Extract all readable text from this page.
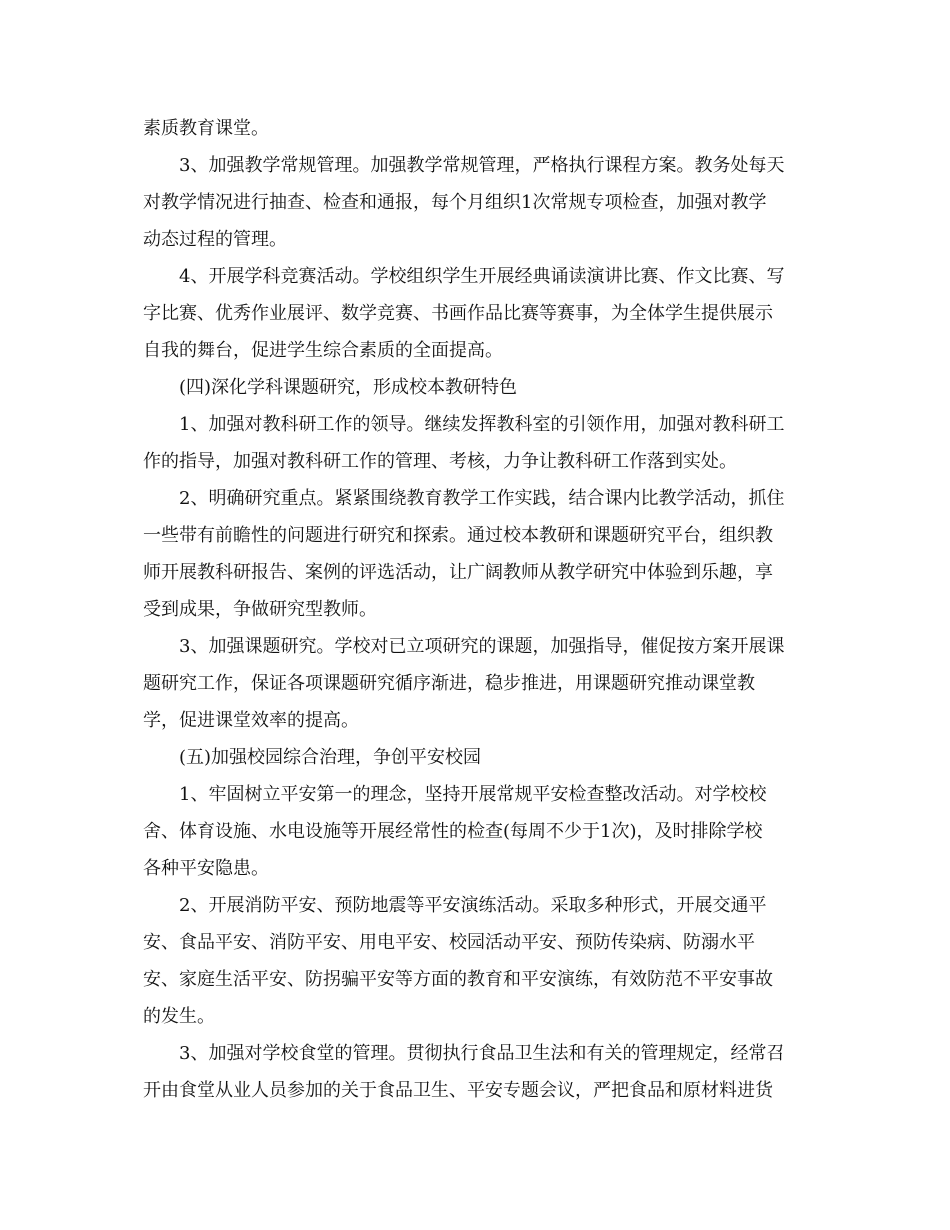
素质教育课堂。
3、加强教学常规管理。加强教学常规管理，严格执行课程方案。教务处每天
对教学情况进行抽查、检查和通报，每个月组织1次常规专项检查，加强对教学
动态过程的管理。
4、开展学科竞赛活动。学校组织学生开展经典诵读演讲比赛、作文比赛、写
字比赛、优秀作业展评、数学竞赛、书画作品比赛等赛事，为全体学生提供展示
自我的舞台，促进学生综合素质的全面提高。
(四)深化学科课题研究，形成校本教研特色
1、加强对教科研工作的领导。继续发挥教科室的引领作用，加强对教科研工
作的指导，加强对教科研工作的管理、考核，力争让教科研工作落到实处。
2、明确研究重点。紧紧围绕教育教学工作实践，结合课内比教学活动，抓住
一些带有前瞻性的问题进行研究和探索。通过校本教研和课题研究平台，组织教
师开展教科研报告、案例的评选活动，让广阔教师从教学研究中体验到乐趣，享
受到成果，争做研究型教师。
3、加强课题研究。学校对已立项研究的课题，加强指导，催促按方案开展课
题研究工作，保证各项课题研究循序渐进，稳步推进，用课题研究推动课堂教
学，促进课堂效率的提高。
(五)加强校园综合治理，争创平安校园
1、牢固树立平安第一的理念，坚持开展常规平安检查整改活动。对学校校
舍、体育设施、水电设施等开展经常性的检查(每周不少于1次)，及时排除学校
各种平安隐患。
2、开展消防平安、预防地震等平安演练活动。采取多种形式，开展交通平
安、食品平安、消防平安、用电平安、校园活动平安、预防传染病、防溺水平
安、家庭生活平安、防拐骗平安等方面的教育和平安演练，有效防范不平安事故
的发生。
3、加强对学校食堂的管理。贯彻执行食品卫生法和有关的管理规定，经常召
开由食堂从业人员参加的关于食品卫生、平安专题会议，严把食品和原材料进货
